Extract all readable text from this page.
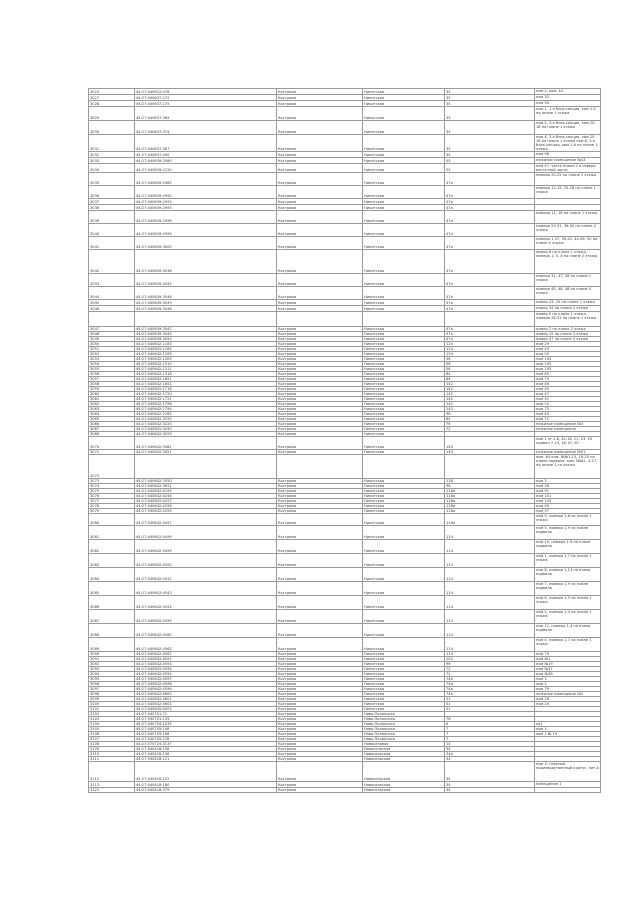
3023	44:27:040612:476	Кострома	Никитская	35	пом 2, ком. 44
3027	44:27:040637:272	Кострома	Никитская	35	пом 32
3028	44:27:040637:275	Кострома	Никитская	35	пом 34
3029	44:27:040637:365	Кострома	Никитская	35	пом 1, 1-я блок-секция, ком 1-5 на плане 1 этажа
3030	44:27:040637:374	Кострома	Никитская	35	пом 2, 3-я блок-секция, ком.10-18 на плане 1 этажа
3031	44:27:040637:387	Кострома	Никитская	35	пом 4, 3-я блок-секция, ком.10-18 на плане 1 этажа пом 6, 3-я блок-секция, ком 1-6 на плане 1 этажа
3032	44:27:040637:400	Кострома	Никитская	35	пом 96
3033	44:27:040639:2080	Кострома	Никитская	55	нежилое помещение №43
3034	44:27:040639:2120	Кострома	Никитская	55	пом 47, часть этажа 1 в северо-восточной части
3035	44:27:040639:2985	Кострома	Никитская	47а	номера 20-22 на плане 1 этажа
3036	44:27:040639:2992	Кострома	Никитская	47а	номера 12-15, 25-28 на плане 1 этажа
3037	44:27:040639:2993	Кострома	Никитская	47а	
3038	44:27:040639:2995	Кострома	Никитская	47а	
3039	44:27:040639:2996	Кострома	Никитская	47а	номера 11, 16 на плане 1 этажа
3040	44:27:040639:2999	Кострома	Никитская	47а	номера 29-31, 36-40 на плане 2 этажа
3041	44:27:040639:3000	Кострома	Никитская	47а	номера 1-37, 39-42, 44-46, 50 на плане 4 этажа
3042	44:27:040639:3038	Кострома	Никитская	47а	номер 6 на плане 1 этажа, номера 1, 3, 4 на плане 2 этажа
3043	44:27:040639:3045	Кострома	Никитская	47а	номера 31, 37, 38 на плане 1 этажа
3044	44:27:040639:3046	Кострома	Никитская	47а	номера 45, 46, 48 на плане 4 этажа
3045	44:27:040639:3049	Кострома	Никитская	47а	номер 23, 25 на плане 1 этажа
3046	44:27:040639:3048	Кострома	Никитская	47а	номер 34 на плане 2 этажа
					номер 9 на плане 1 этажа, номера 28-31 на плане 1 этажа
3047	44:27:040639:3047	Кострома	Никитская	47а	номер 2 на плане 2 этажа
3048	44:27:040639:3049	Кострома	Никитская	47а	номер 15 на плане 3 этажа
3049	44:27:040639:3050	Кострома	Никитская	47а	номер 47 на плане 4 этажа
3050	44:27:040642:1183	Кострома	Никитская	124	пом 29
3051	44:27:040642:1184	Кострома	Никитская	124	пом 49
3052	44:27:040642:1185	Кострома	Никитская	124	пом 50
3053	44:27:040642:1309	Кострома	Никитская	56	пом 104
3054	44:27:040642:1310	Кострома	Никитская	56	пом 105
3055	44:27:040642:1311	Кострома	Никитская	56	пом 105
3056	44:27:040642:1318	Кострома	Никитская	84	пом 65
3057	44:27:040642:1651	Кострома	Никитская	84	пом 70
3058	44:27:040642:1652	Кострома	Никитская	142	пом 46
3059	44:27:040642:1718	Кострома	Никитская	142	пом 45
3060	44:27:040642:1720	Кострома	Никитская	142	пом 47
3061	44:27:040642:1721	Кострома	Никитская	142	пом 51
3062	44:27:040642:1798	Кострома	Никитская	142	пом 52
3063	44:27:040642:1799	Кострома	Никитская	142	пом 73
3064	44:27:040642:2285	Кострома	Никитская	98	пом 63
3065	44:27:040642:3155	Кострома	Никитская	84	пом 71
3066	44:27:040642:3220	Кострома	Никитская	76	нежилое помещение №3
3067	44:27:040642:3240	Кострома	Никитская	72	нежилое помещение
3068	44:27:040642:3293	Кострома	Никитская		
3070	44:27:040642:3382	Кострома	Никитская	140	пом 1 эт.1-8, 42-18, 21, 23, 25 подвал 7-14, 16-19, 20
3071	44:27:040642:3421	Кострома	Никитская	140	нежилое помещение №51
3072					пом. 64 ком. №№1-15, 18-20 на плане подвала, ком. №№1, 3-27 на плане 1-го этажа
3073	44:27:040642:3550	Кострома	Никитская	138	пом 2
3074	44:27:040642:3621	Кострома	Никитская	98	пом 58
3075	44:27:040642:4159	Кострома	Никитская	118а	пом 91
3076	44:27:040642:4244	Кострома	Никитская	118а	пом 101
3077	44:27:040642:4257	Кострома	Никитская	118а	пом 100
3078	44:27:040642:4258	Кострома	Никитская	118а	пом 99
3079	44:27:040642:4259	Кострома	Никитская	118а	пом 97
3080	44:27:040642:4457	Кострома	Никитская	118а	пом 9, номера 1-6 на плане 1 этажа
3081	44:27:040642:4499	Кострома	Никитская	114	пом 5, номера 1-9 на плане подвала
3082	44:27:040642:4499	Кострома	Никитская	114	пом 10, номера 1-9 на плане подвала
3083	44:27:040642:4500	Кострома	Никитская	114	пом 1, номера 1-7 на плане 1 этажа
3084	44:27:040642:4531	Кострома	Никитская	114	пом 8, номера 1-13 на плане подвала
3085	44:27:040642:4543	Кострома	Никитская	114	пом 7, номера 1-9 на плане подвала
3086	44:27:040642:4554	Кострома	Никитская	114	пом 6, номера 1-9 на плане 1 этажа
3087	44:27:040642:4559	Кострома	Никитская	114	пом 5, номера 1-4 на плане 1 этажа
3088	44:27:040642:4560	Кострома	Никитская	114	пом 11, номера 1-4 на плане подвала
3089	44:27:040642:4563	Кострома	Никитская	114	пом 4, номера 1-7 на плане 1 этажа
3090	44:27:040642:4567	Кострома	Никитская	114	пом 79
3091	44:27:040642:4591	Кострома	Никитская	102	пом №1
3092	44:27:040642:4593	Кострома	Никитская	96	пом №19
3093	44:27:040642:4594	Кострома	Никитская	72	пом №37
3094	44:27:040642:4595	Кострома	Никитская	72	пом №38
3095	44:27:040642:4597	Кострома	Никитская	74а	пом 3
3096	44:27:040642:4598	Кострома	Никитская	74а	пом 2
3097	44:27:040642:4599	Кострома	Никитская	74а	пом 79
3098	44:27:040642:4600	Кострома	Никитская	74а	нежилое помещение №2
3099	44:27:040642:4601	Кострома	Никитская	51	пом 26
3100	44:27:040642:4602	Кострома	Никитская	51	пом 24
3101	44:27:040645:4503	Кострома	Никитская	51	
3102	44:27:040701:71	Кострома	Ново-Полянская		
3103	44:27:040701:135	Кострома	Ново-Полянская	76	
3104	44:27:040704:1035	Кострома	Ново-Полянская	6	кв1
3105	44:27:040705:148	Кострома	Ново-Полянская	7	пом 1
3106	44:27:040705:168	Кострома	Ново-Полянская	7	ком 1 № 19
3107	44:27:040705:138	Кострома	Ново-Полянская	7	
3108	44:27:070724:3137	Кострома	Новоселовая	14	
3109	44:27:040418:136	Кострома	Новосельская	34	
3110	44:27:040418:136	Кострома	Новосельская	34а	
3111	44:27:040418:121	Кострома	Новосельская	34	
3112	44:27:040418:122	Кострома	Новосельская	34	пом 3, главный производственный корпус, лит.А
3113	44:27:040418:180	Кострома	Новосельская	34	помещение 1
3122	44:27:040418:379	Кострома	Новосельская	34	
